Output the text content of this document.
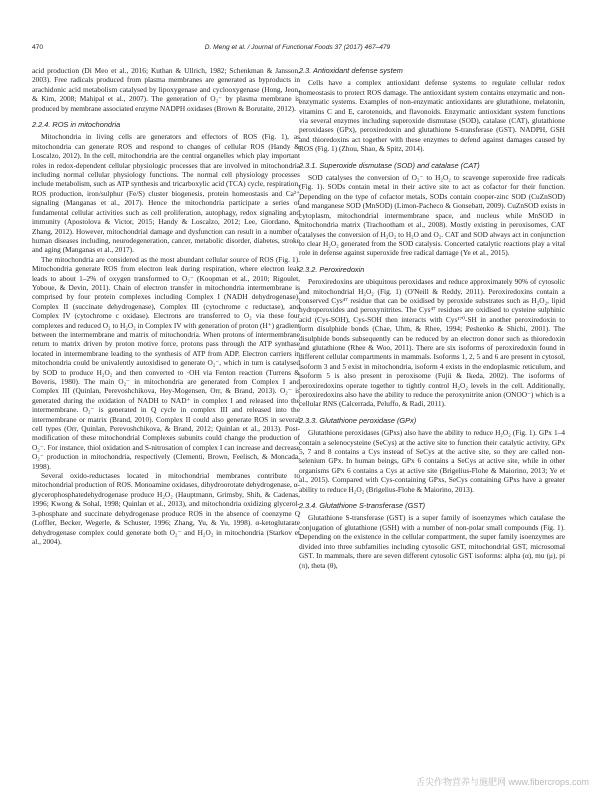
470	D. Meng et al. / Journal of Functional Foods 37 (2017) 467–479

acid production (Di Meo et al., 2016; Kuthan & Ullrich, 1982; Schenkman & Jansson, 2003). Free radicals produced from plasma membranes are generated as byproducts in arachidonic acid metabolism catalysed by lipoxygenase and cyclooxygenase (Hong, Jeon, & Kim, 2008; Mahipal et al., 2007). The generation of O₂⁻ by plasma membrane is produced by membrane associated enzyme NADPH oxidases (Brown & Borutaite, 2012).

2.2.4. ROS in mitochondria

Mitochondria in living cells are generators and effectors of ROS (Fig. 1), as mitochondria can generate ROS and respond to changes of cellular ROS (Handy & Loscalzo, 2012). In the cell, mitochondria are the central organelles which play important roles in redox-dependent cellular physiologic processes that are involved in mitochondria including normal cellular physiology functions. The normal cell physiology processes include metabolism, such as ATP synthesis and tricarboxylic acid (TCA) cycle, respiration, ROS production, iron/sulphur (Fe/S) cluster biogenesis, protein homeostasis and Ca²⁺ signaling (Manganas et al., 2017). Hence the mitochondria participate a series of fundamental cellular activities such as cell proliferation, autophagy, redox signaling and immunity (Apostolova & Victor, 2015; Handy & Loscalzo, 2012; Lee, Giordano, & Zhang, 2012). However, mitochondrial damage and dysfunction can result in a number of human diseases including, neurodegeneration, cancer, metabolic disorder, diabetes, stroke and aging (Manganas et al., 2017).

The mitochondria are considered as the most abundant cellular source of ROS (Fig. 1). Mitochondria generate ROS from electron leak during respiration, where electron leak leads to about 1–2% of oxygen transformed to O₂⁻ (Koopman et al., 2010; Rigoulet, Yoboue, & Devin, 2011). Chain of electron transfer in mitochondria intermembrane is comprised by four protein complexes including Complex I (NADH dehydrogenase), Complex II (succinate dehydrogenase), Complex III (cytochrome c reductase), and Complex IV (cytochrome c oxidase). Electrons are transferred to O₂ via these four complexes and reduced O₂ to H₂O₂ in Complex IV with generation of proton (H⁺) gradient between the intermembrane and matrix of mitochondria. When protons of intermembrane return to matrix driven by proton motive force, protons pass through the ATP synthase located in intermembrane leading to the synthesis of ATP from ADP. Electron carriers in mitochondria could be univalently autoxidised to generate O₂⁻, which in turn is catalysed by SOD to produce H₂O₂ and then converted to ·OH via Fenton reaction (Turrens & Boveris, 1980). The main O₂⁻ in mitochondria are generated from Complex I and Complex III (Quinlan, Perevoshchikova, Hey-Mogensen, Orr, & Brand, 2013). O₂⁻ is generated during the oxidation of NADH to NAD⁺ in complex I and released into the intermembrane. O₂⁻ is generated in Q cycle in complex III and released into the intermembrane or matrix (Brand, 2010). Complex II could also generate ROS in several cell types (Orr, Quinlan, Perevoshchikova, & Brand, 2012; Quinlan et al., 2013). Post-modification of these mitochondrial Complexes subunits could change the production of O₂⁻. For instance, thiol oxidation and S-nitrosation of complex I can increase and decrease O₂⁻ production in mitochondria, respectively (Clementi, Brown, Feelisch, & Moncada, 1998).

Several oxido-reductases located in mitochondrial membranes contribute to mitochondrial production of ROS. Monoamine oxidases, dihydroorotate dehydrogenase, α-glycerophosphatedehydrogenase produce H₂O₂ (Hauptmann, Grimsby, Shih, & Cadenas, 1996; Kwong & Sohal, 1998; Quinlan et al., 2013), and mitochondria oxidizing glycerol-3-phosphate and succinate dehydrogenase produce ROS in the absence of coenzyme Q (Loffler, Becker, Wegerle, & Schuster, 1996; Zhang, Yu, & Yu, 1998). α-ketoglutarate dehydrogenase complex could generate both O₂⁻ and H₂O₂ in mitochondria (Starkov et al., 2004).

2.3. Antioxidant defense system

Cells have a complex antioxidant defense systems to regulate cellular redox homeostasis to protect ROS damage. The antioxidant system contains enzymatic and non-enzymatic systems. Examples of non-enzymatic antioxidants are glutathione, melatonin, vitamins C and E, carotenoids, and flavonoids. Enzymatic antioxidant system functions via several enzymes including superoxide dismutase (SOD), catalase (CAT), glutathione peroxidases (GPx), peroxiredoxin and glutathione S-transferase (GST). NADPH, GSH and thioredoxins act together with these enzymes to defend against damages caused by ROS (Fig. 1) (Zhou, Shao, & Spitz, 2014).

2.3.1. Superoxide dismutase (SOD) and catalase (CAT)

SOD catalyses the conversion of O₂⁻ to H₂O₂ to scavenge superoxide free radicals (Fig. 1). SODs contain metal in their active site to act as cofactor for their function. Depending on the type of cofactor metals, SODs contain cooper-zinc SOD (CuZnSOD) and manganese SOD (MnSOD) (Limon-Pacheco & Gonsebatt, 2009). CuZnSOD exists in cytoplasm, mitochondrial intermembrane space, and nucleus while MnSOD in mitochondria matrix (Trachootham et al., 2008). Mostly existing in peroxisomes, CAT catalyses the conversion of H₂O₂ to H₂O and O₂. CAT and SOD always act in conjunction to clear H₂O₂ generated from the SOD catalysis. Concerted catalytic reactions play a vital role in defense against superoxide free radical damage (Ye et al., 2015).

2.3.2. Peroxiredoxin

Peroxiredoxins are ubiquitous peroxidases and reduce approximately 90% of cytosolic and mitochondrial H₂O₂ (Fig. 1) (O'Neill & Reddy, 2011). Peroxiredoxins contain a conserved Cys⁴⁷ residue that can be oxidised by peroxide substrates such as H₂O₂, lipid hydroperoxides and peroxynitrites. The Cys⁴⁷ residues are oxidised to cysteine sulphinic acid (Cys-SOH), Cys-SOH then interacts with Cys¹⁷⁰-SH in another peroxiredoxin to form disulphide bonds (Chae, Uhm, & Rhee, 1994; Peshenko & Shichi, 2001). The disulphide bonds subsequently can be reduced by an electron donor such as thioredoxin and glutathione (Rhee & Woo, 2011). There are six isoforms of peroxiredoxin found in different cellular compartments in mammals. Isoforms 1, 2, 5 and 6 are present in cytosol, isoform 3 and 5 exist in mitochondria, isoform 4 exists in the endoplasmic reticulum, and isoform 5 is also present in peroxisome (Fujii & Ikeda, 2002). The isoforms of peroxiredoxins operate together to tightly control H₂O₂ levels in the cell. Additionally, peroxiredoxins also have the ability to reduce the peroxynitrite anion (ONOO⁻) which is a cellular RNS (Calcerrada, Peluffo, & Radi, 2011).

2.3.3. Glutathione peroxidase (GPx)

Glutathione peroxidases (GPxs) also have the ability to reduce H₂O₂ (Fig. 1). GPx 1–4 contain a selenocysteine (SeCys) at the active site to function their catalytic activity, GPx 5, 7 and 8 contains a Cys instead of SeCys at the active site, so they are called non-selenium GPx. In human beings, GPx 6 contains a SeCys at active site, while in other organisms GPx 6 contains a Cys at active site (Brigelius-Flohe & Maiorino, 2013; Ye et al., 2015). Compared with Cys-containing GPxs, SeCys containing GPxs have a greater ability to reduce H₂O₂ (Brigelius-Flohe & Maiorino, 2013).

2.3.4. Glutathione S-transferase (GST)

Glutathione S-transferase (GST) is a super family of isoenzymes which catalase the conjugation of glutathione (GSH) with a number of non-polar small compounds (Fig. 1). Depending on the existence in the cellular compartment, the super family isoenzymes are divided into three subfamilies including cytosolic GST, mitochondrial GST, microsomal GST. In mammals, there are seven different cytosolic GST isoforms: alpha (α), mu (μ), pi (π), theta (θ),

舌尖作物营养与施肥网 www.fibercrops.com
